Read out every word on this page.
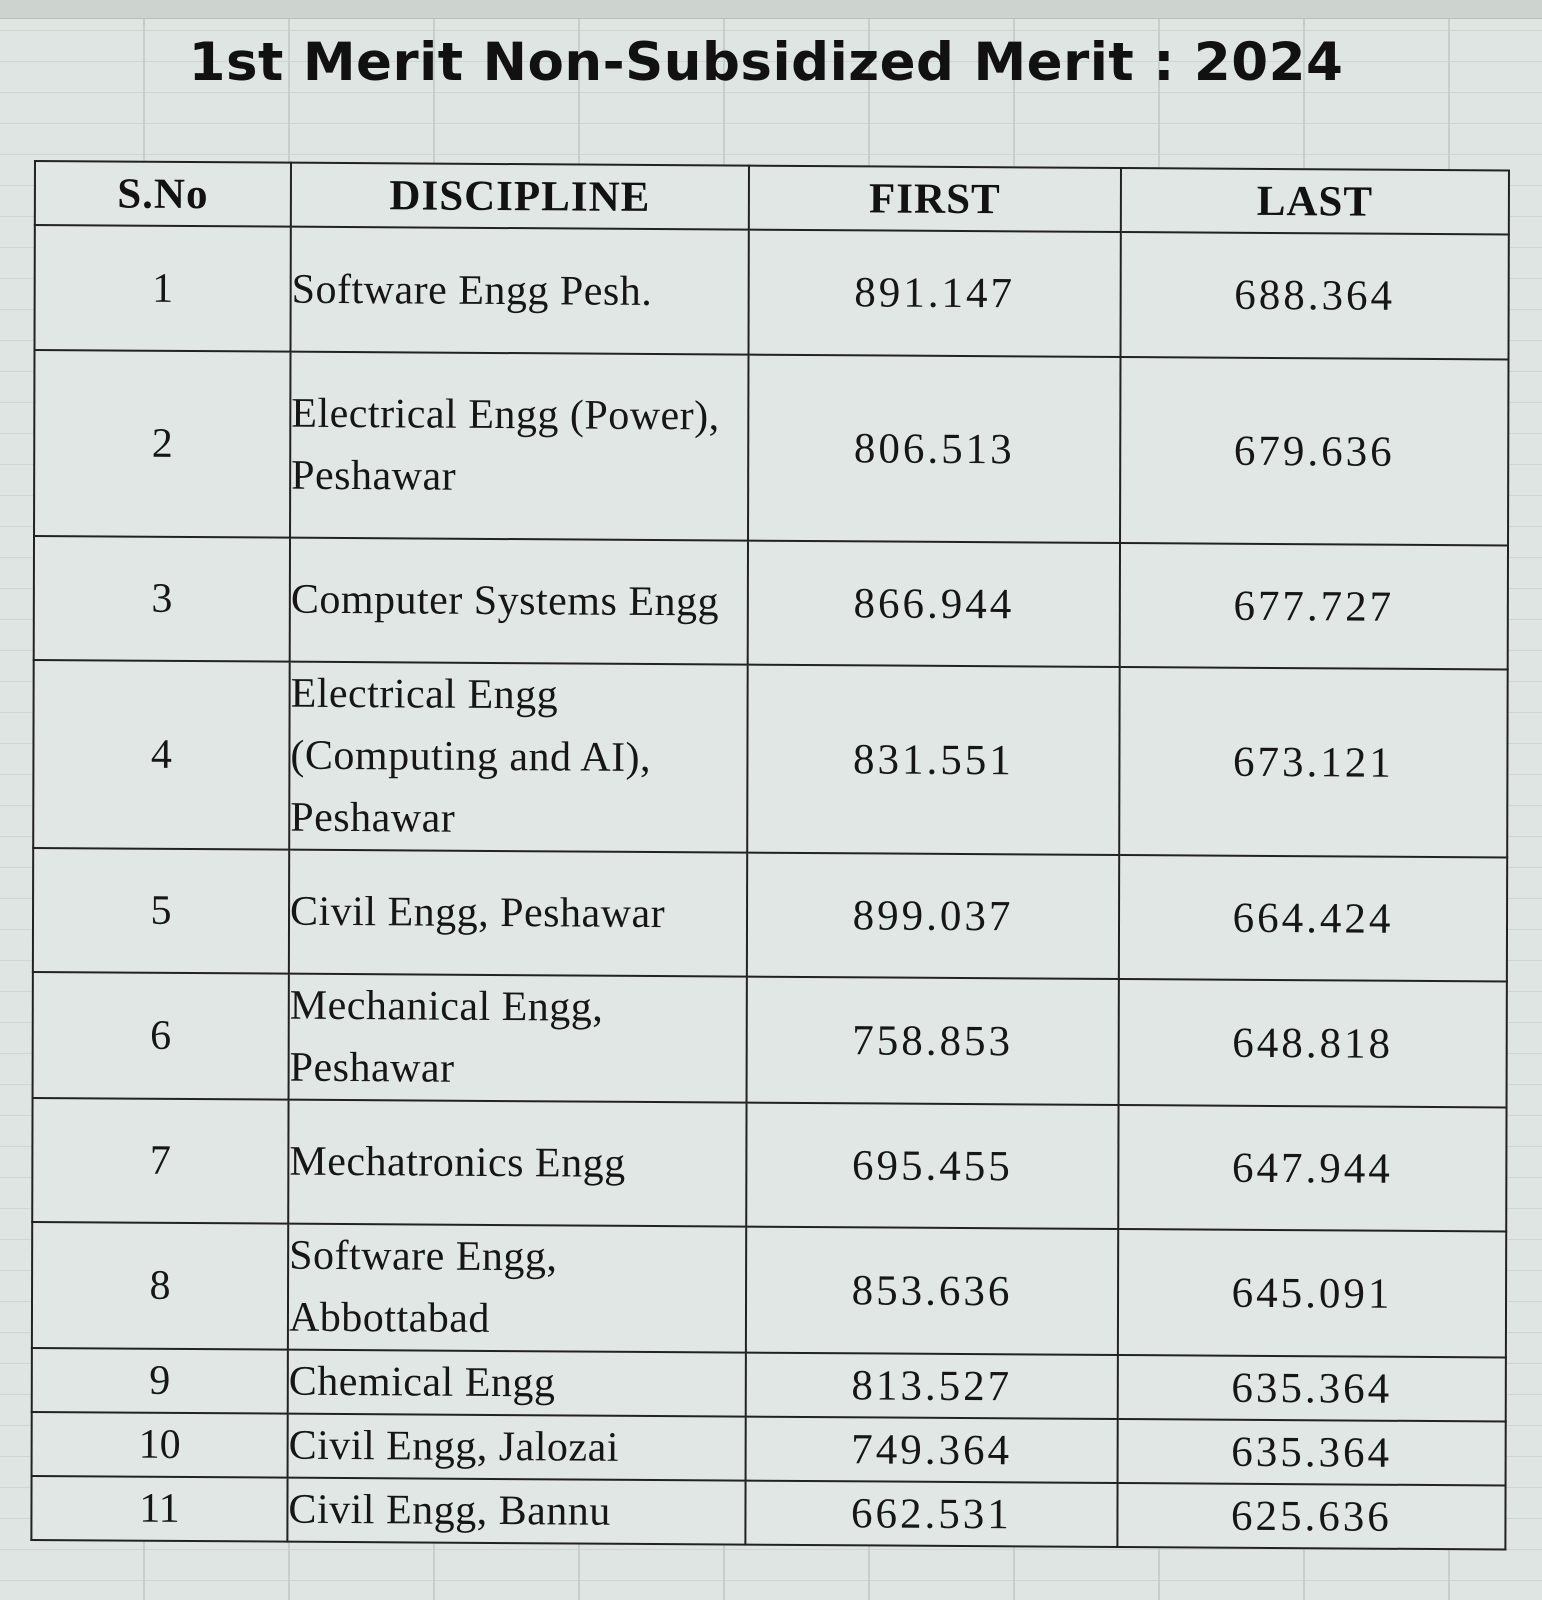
1st Merit Non-Subsidized Merit : 2024
S.No	DISCIPLINE	FIRST	LAST
1	Software Engg Pesh.	891.147	688.364
2	Electrical Engg (Power), Peshawar	806.513	679.636
3	Computer Systems Engg	866.944	677.727
4	Electrical Engg (Computing and AI), Peshawar	831.551	673.121
5	Civil Engg, Peshawar	899.037	664.424
6	Mechanical Engg, Peshawar	758.853	648.818
7	Mechatronics Engg	695.455	647.944
8	Software Engg, Abbottabad	853.636	645.091
9	Chemical Engg	813.527	635.364
10	Civil Engg, Jalozai	749.364	635.364
11	Civil Engg, Bannu	662.531	625.636
